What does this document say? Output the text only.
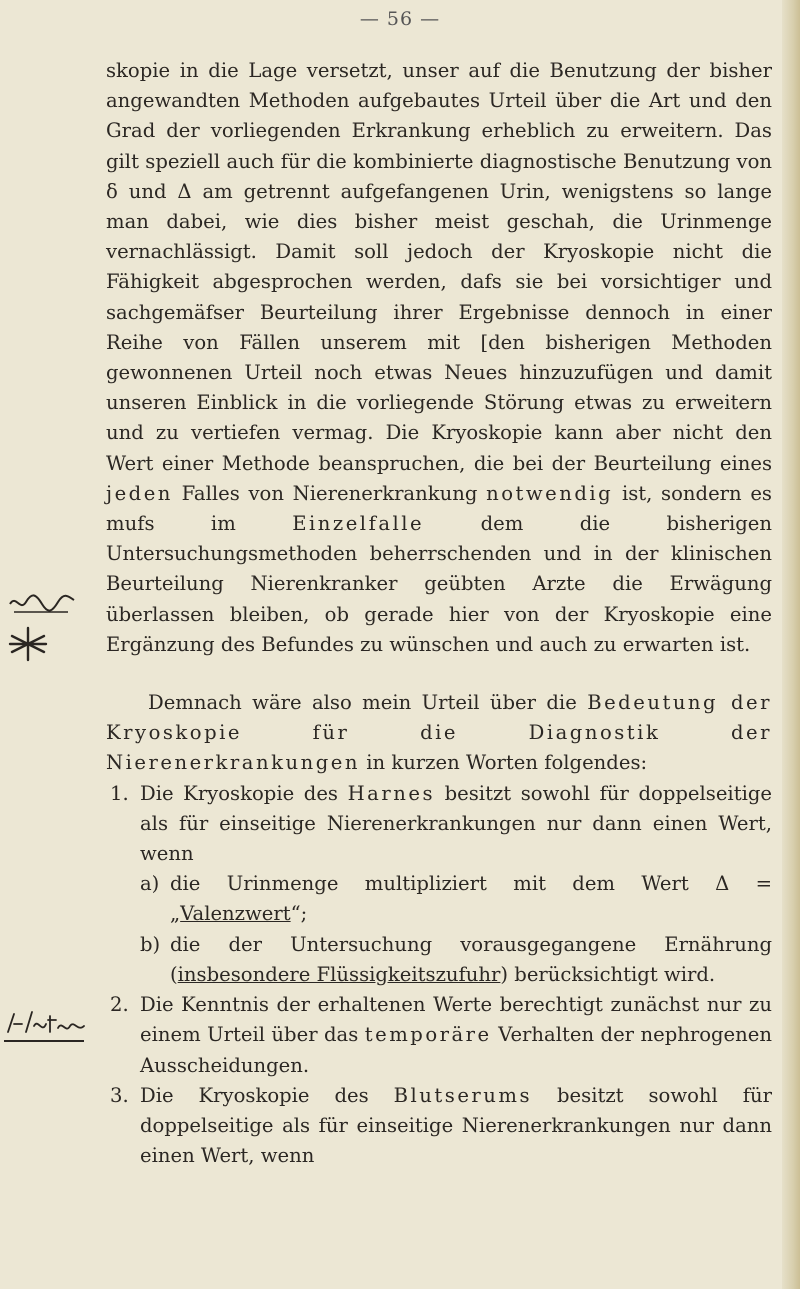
— 56 —

skopie in die Lage versetzt, unser auf die Benutzung der bisher angewandten Methoden aufgebautes Urteil über die Art und den Grad der vorliegenden Erkrankung erheblich zu erweitern. Das gilt speziell auch für die kombinierte diagnostische Benutzung von δ und Δ am getrennt aufgefangenen Urin, wenigstens so lange man dabei, wie dies bisher meist geschah, die Urinmenge vernachlässigt. Damit soll jedoch der Kryoskopie nicht die Fähigkeit abgesprochen werden, dafs sie bei vorsichtiger und sachgemäfser Beurteilung ihrer Ergebnisse dennoch in einer Reihe von Fällen unserem mit [den bisherigen Methoden gewonnenen Urteil noch etwas Neues hinzuzufügen und damit unseren Einblick in die vorliegende Störung etwas zu erweitern und zu vertiefen vermag. Die Kryoskopie kann aber nicht den Wert einer Methode beanspruchen, die bei der Beurteilung eines jeden Falles von Nierenerkrankung notwendig ist, sondern es mufs im	Einzelfalle	dem die bisherigen Untersuchungsmethoden beherrschenden und in der klinischen Beurteilung Nierenkranker geübten Arzte die Erwägung überlassen bleiben, ob gerade hier von der Kryoskopie eine Ergänzung des Befundes zu wünschen und auch zu erwarten ist.

Demnach wäre also mein Urteil über die Bedeutung der Kryoskopie für die Diagnostik der Nierenerkrankungen in kurzen Worten folgendes:

1. Die Kryoskopie des Harnes besitzt sowohl für doppelseitige als für einseitige Nierenerkrankungen nur dann einen Wert, wenn
a) die Urinmenge multipliziert mit dem Wert Δ = „Valenzwert“;
b) die der Untersuchung vorausgegangene Ernährung (insbesondere Flüssigkeitszufuhr) berücksichtigt wird.
2. Die Kenntnis der erhaltenen Werte berechtigt zunächst nur zu einem Urteil über das temporäre Verhalten der nephrogenen Ausscheidungen.
3. Die Kryoskopie des Blutserums besitzt sowohl für doppelseitige als für einseitige Nierenerkrankungen nur dann einen Wert, wenn
